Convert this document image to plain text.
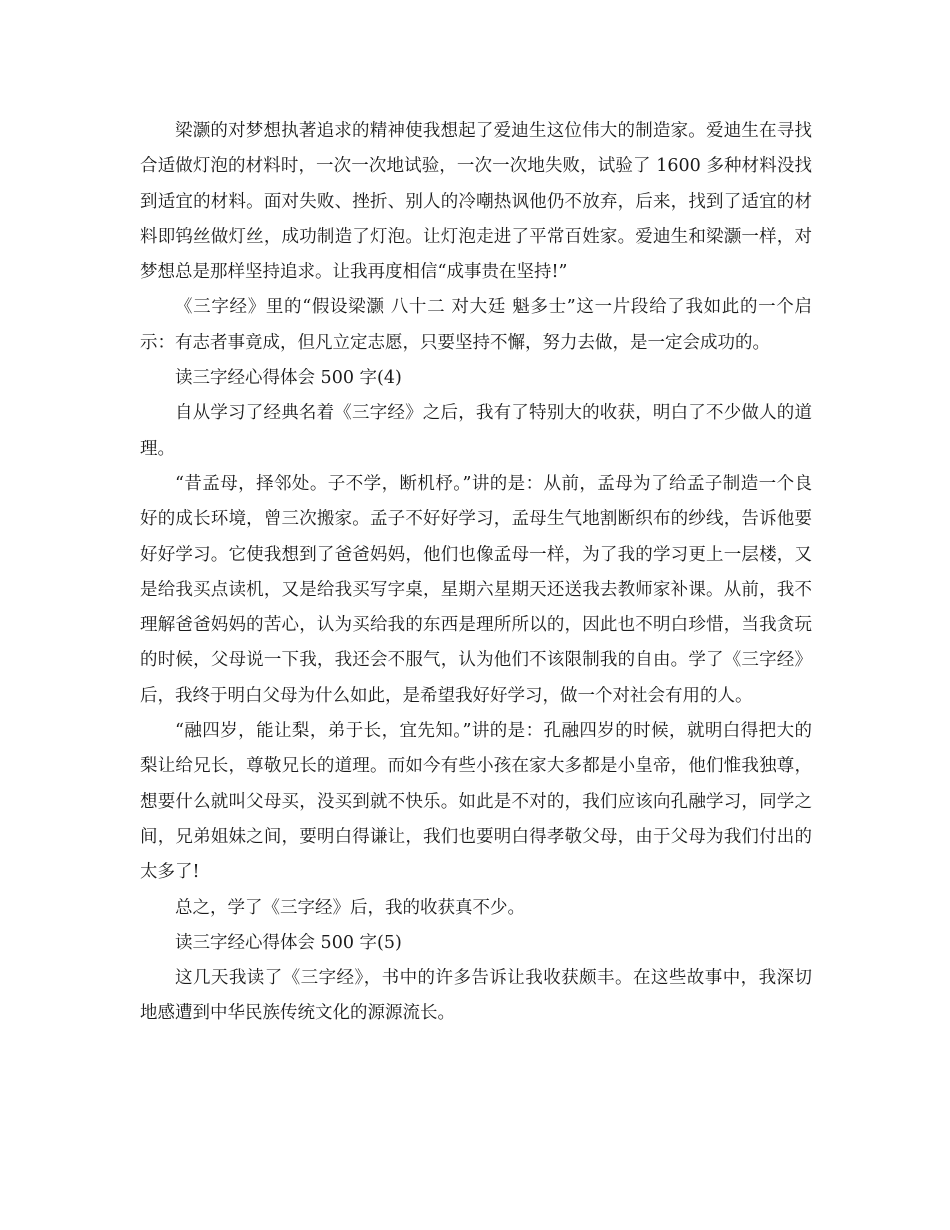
梁灏的对梦想执著追求的精神使我想起了爱迪生这位伟大的制造家。爱迪生在寻找合适做灯泡的材料时，一次一次地试验，一次一次地失败，试验了 1600 多种材料没找到适宜的材料。面对失败、挫折、别人的冷嘲热讽他仍不放弃，后来，找到了适宜的材料即钨丝做灯丝，成功制造了灯泡。让灯泡走进了平常百姓家。爱迪生和梁灏一样，对梦想总是那样坚持追求。让我再度相信“成事贵在坚持!”

《三字经》里的“假设梁灏 八十二 对大廷 魁多士”这一片段给了我如此的一个启示：有志者事竟成，但凡立定志愿，只要坚持不懈，努力去做，是一定会成功的。

读三字经心得体会 500 字(4)

自从学习了经典名着《三字经》之后，我有了特别大的收获，明白了不少做人的道理。

“昔孟母，择邻处。子不学，断机杼。”讲的是：从前，孟母为了给孟子制造一个良好的成长环境，曾三次搬家。孟子不好好学习，孟母生气地割断织布的纱线，告诉他要好好学习。它使我想到了爸爸妈妈，他们也像孟母一样，为了我的学习更上一层楼，又是给我买点读机，又是给我买写字桌，星期六星期天还送我去教师家补课。从前，我不理解爸爸妈妈的苦心，认为买给我的东西是理所所以的，因此也不明白珍惜，当我贪玩的时候，父母说一下我，我还会不服气，认为他们不该限制我的自由。学了《三字经》后，我终于明白父母为什么如此，是希望我好好学习，做一个对社会有用的人。

“融四岁，能让梨，弟于长，宜先知。”讲的是：孔融四岁的时候，就明白得把大的梨让给兄长，尊敬兄长的道理。而如今有些小孩在家大多都是小皇帝，他们惟我独尊，想要什么就叫父母买，没买到就不快乐。如此是不对的，我们应该向孔融学习，同学之间，兄弟姐妹之间，要明白得谦让，我们也要明白得孝敬父母，由于父母为我们付出的太多了!

总之，学了《三字经》后，我的收获真不少。

读三字经心得体会 500 字(5)

这几天我读了《三字经》，书中的许多告诉让我收获颇丰。在这些故事中，我深切地感遭到中华民族传统文化的源源流长。
